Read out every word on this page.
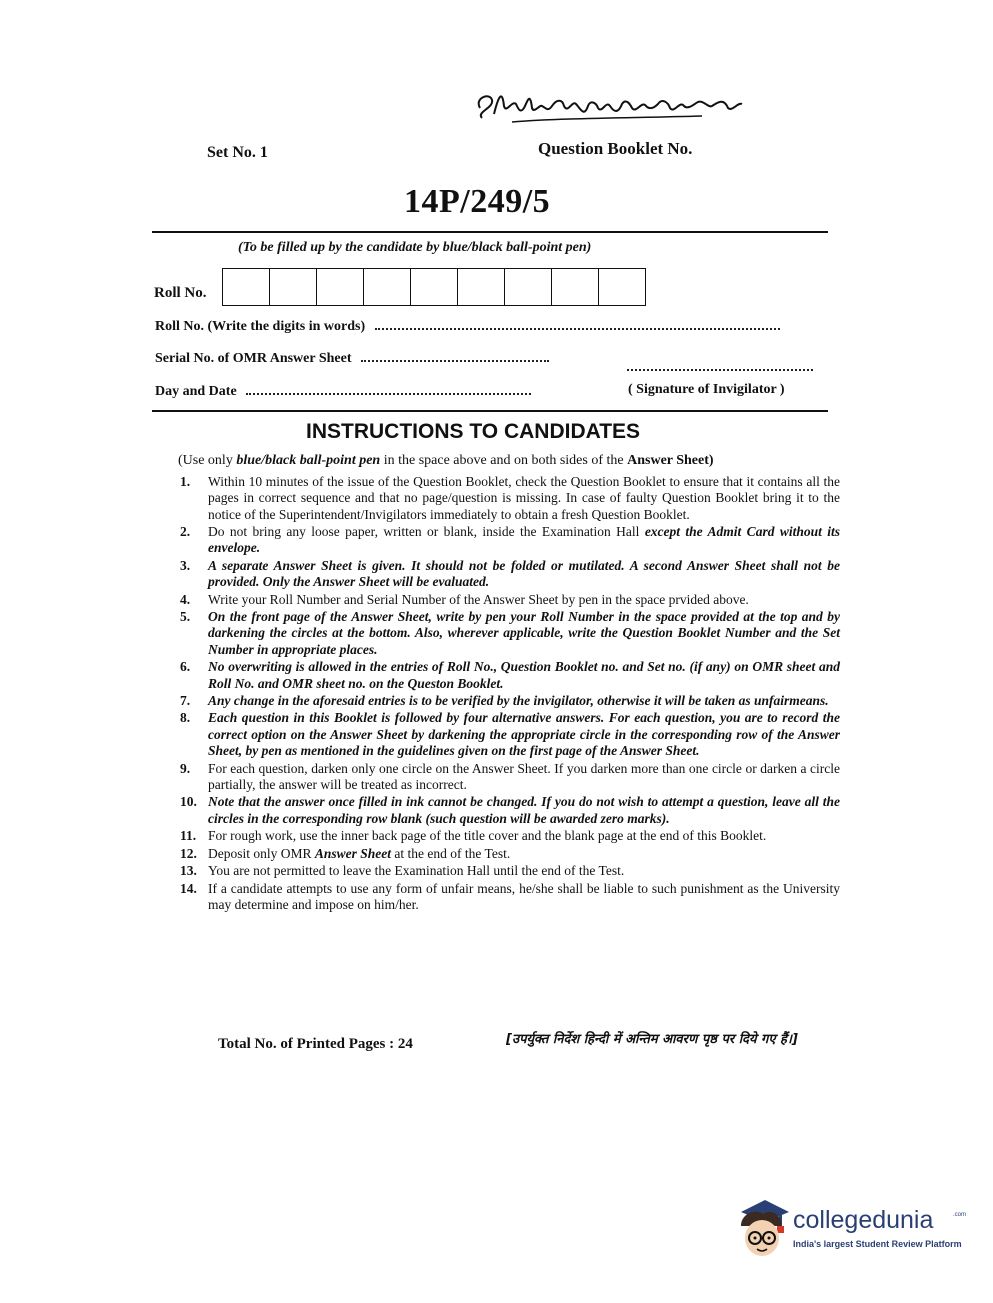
Set No. 1	Question Booklet No.
14P/249/5
(To be filled up by the candidate by blue/black ball-point pen)
Roll No.
Roll No. (Write the digits in words)
Serial No. of OMR Answer Sheet
Day and Date	( Signature of Invigilator )
INSTRUCTIONS TO CANDIDATES
(Use only blue/black ball-point pen in the space above and on both sides of the Answer Sheet)
1.	Within 10 minutes of the issue of the Question Booklet, check the Question Booklet to ensure that it contains all the pages in correct sequence and that no page/question is missing. In case of faulty Question Booklet bring it to the notice of the Superintendent/Invigilators immediately to obtain a fresh Question Booklet.
2.	Do not bring any loose paper, written or blank, inside the Examination Hall except the Admit Card without its envelope.
3.	A separate Answer Sheet is given. It should not be folded or mutilated. A second Answer Sheet shall not be provided. Only the Answer Sheet will be evaluated.
4.	Write your Roll Number and Serial Number of the Answer Sheet by pen in the space prvided above.
5.	On the front page of the Answer Sheet, write by pen your Roll Number in the space provided at the top and by darkening the circles at the bottom. Also, wherever applicable, write the Question Booklet Number and the Set Number in appropriate places.
6.	No overwriting is allowed in the entries of Roll No., Question Booklet no. and Set no. (if any) on OMR sheet and Roll No. and OMR sheet no. on the Queston Booklet.
7.	Any change in the aforesaid entries is to be verified by the invigilator, otherwise it will be taken as unfairmeans.
8.	Each question in this Booklet is followed by four alternative answers. For each question, you are to record the correct option on the Answer Sheet by darkening the appropriate circle in the corresponding row of the Answer Sheet, by pen as mentioned in the guidelines given on the first page of the Answer Sheet.
9.	For each question, darken only one circle on the Answer Sheet. If you darken more than one circle or darken a circle partially, the answer will be treated as incorrect.
10. Note that the answer once filled in ink cannot be changed. If you do not wish to attempt a question, leave all the circles in the corresponding row blank (such question will be awarded zero marks).
11. For rough work, use the inner back page of the title cover and the blank page at the end of this Booklet.
12. Deposit only OMR Answer Sheet at the end of the Test.
13. You are not permitted to leave the Examination Hall until the end of the Test.
14. If a candidate attempts to use any form of unfair means, he/she shall be liable to such punishment as the University may determine and impose on him/her.
Total No. of Printed Pages : 24	[उपर्युक्त निर्देश हिन्दी में अन्तिम आवरण पृष्ठ पर दिये गए हैं।]
collegedunia	.com
India's largest Student Review Platform
